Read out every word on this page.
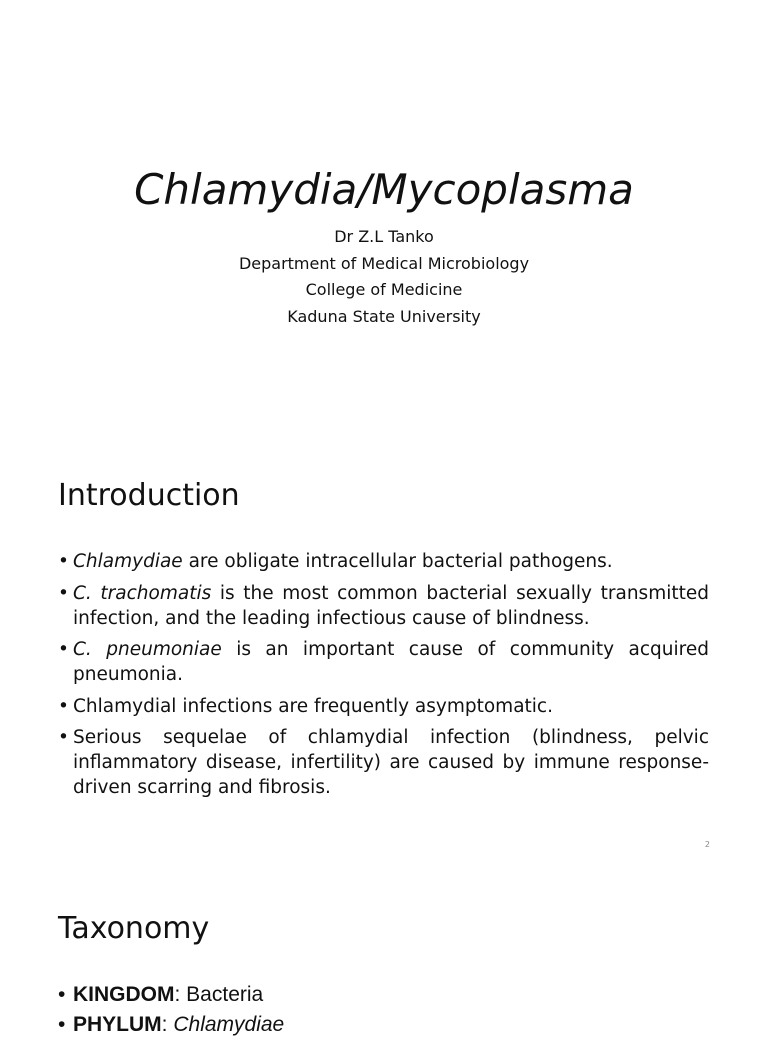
Chlamydia/Mycoplasma
Dr Z.L Tanko
Department of Medical Microbiology
College of Medicine
Kaduna State University
Introduction
• Chlamydiae are obligate intracellular bacterial pathogens.
• C. trachomatis is the most common bacterial sexually transmitted infection, and the leading infectious cause of blindness.
• C. pneumoniae is an important cause of community acquired pneumonia.
• Chlamydial infections are frequently asymptomatic.
• Serious sequelae of chlamydial infection (blindness, pelvic inflammatory disease, infertility) are caused by immune response-driven scarring and fibrosis.
2
Taxonomy
• KINGDOM: Bacteria
• PHYLUM: Chlamydiae
